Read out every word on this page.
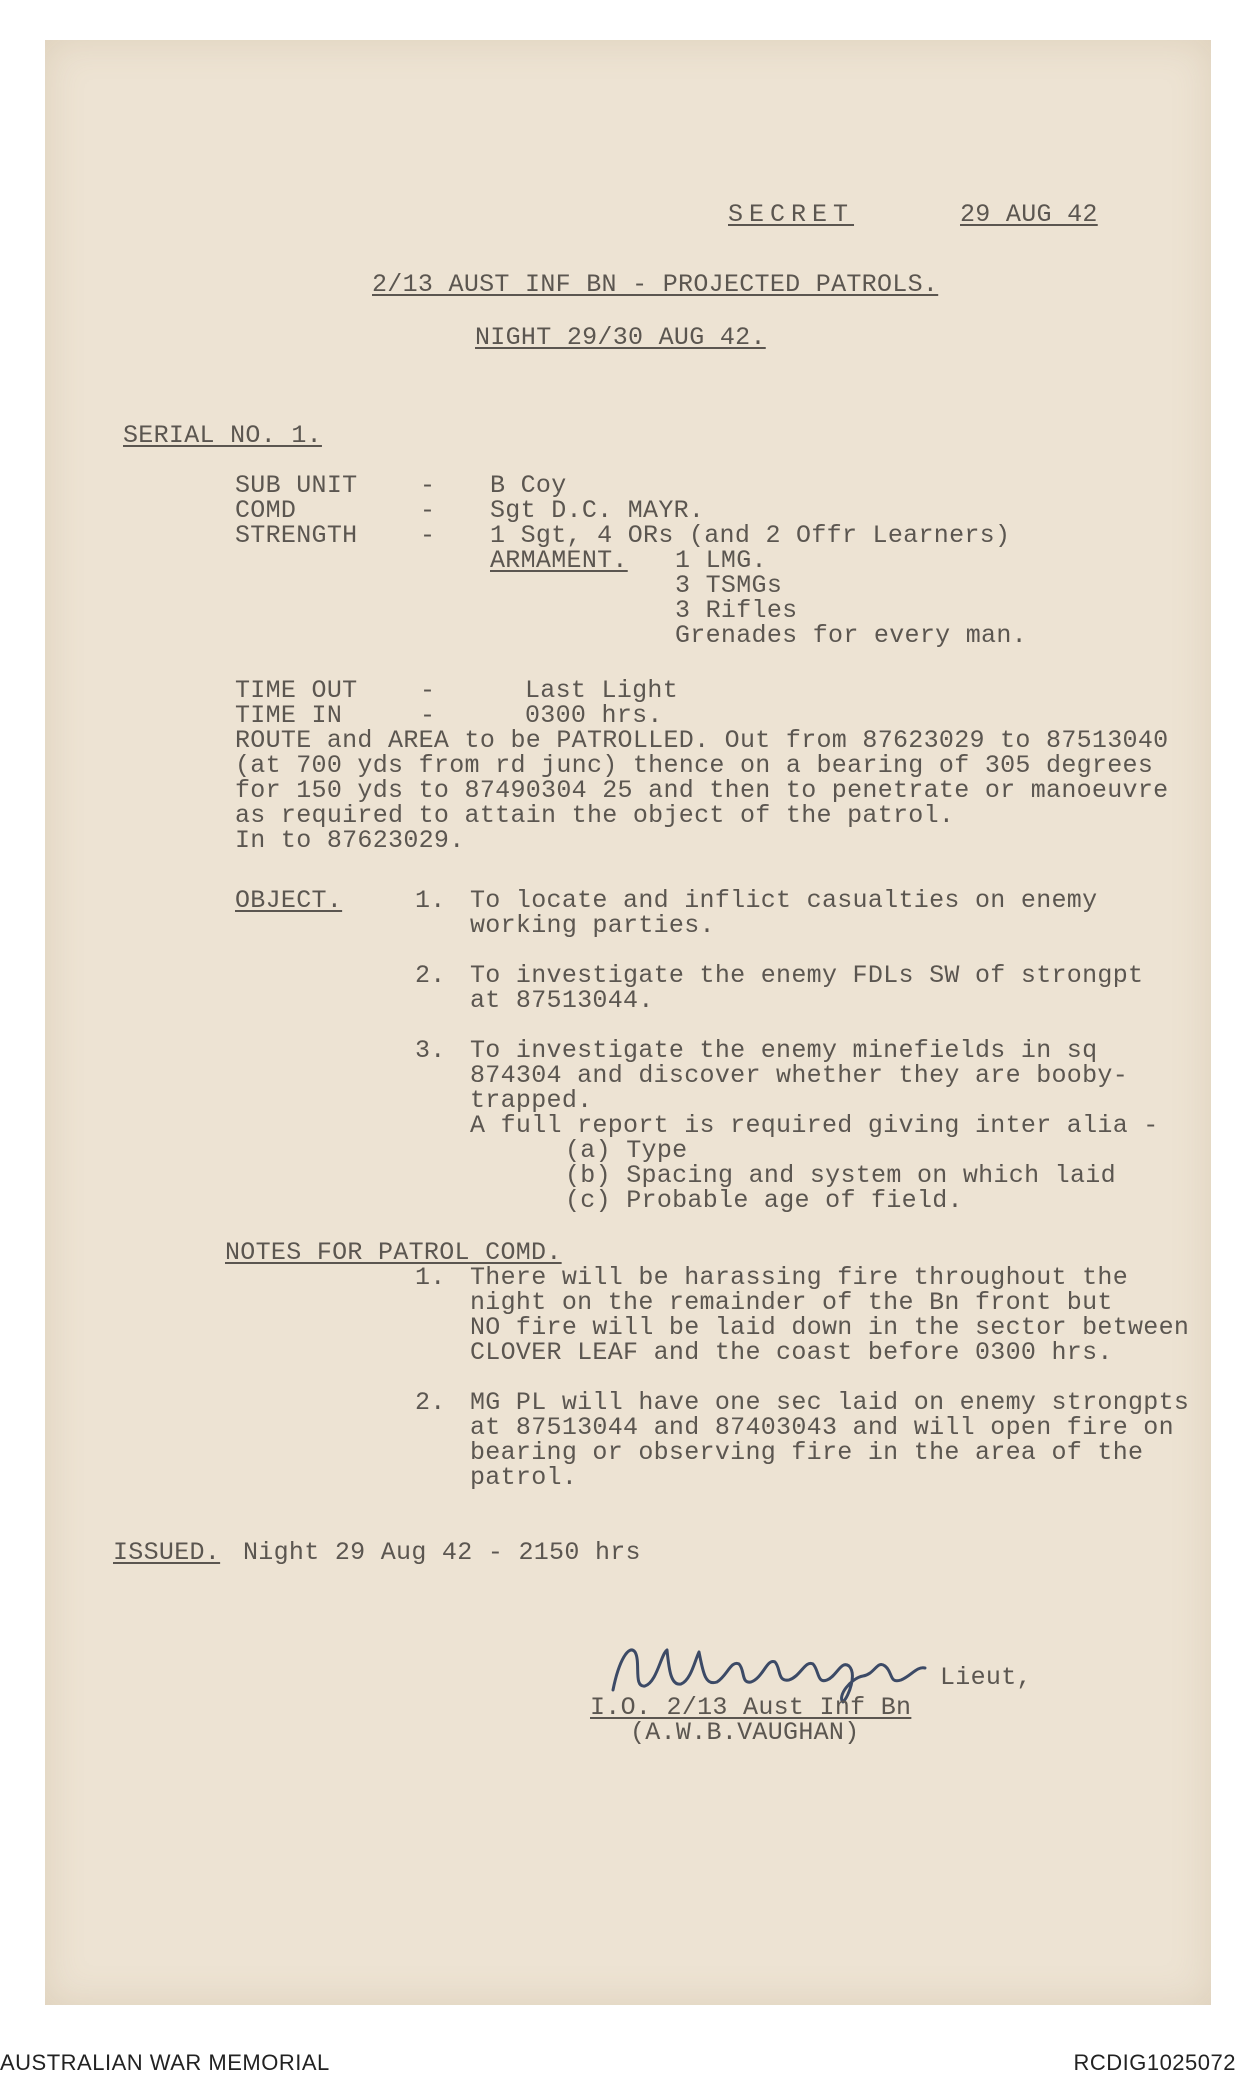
SECRET	29 AUG 42
2/13 AUST INF BN - PROJECTED PATROLS.
NIGHT 29/30 AUG 42.
SERIAL NO. 1.
SUB UNIT	- B Coy
COMD	- Sgt D.C. MAYR.
STRENGTH	- 1 Sgt, 4 ORs (and 2 Offr Learners)
ARMAMENT. 1 LMG.
3 TSMGs
3 Rifles
Grenades for every man.
TIME OUT	-	Last Light
TIME IN	-	0300 hrs.
ROUTE and AREA to be PATROLLED. Out from 87623029 to 87513040
(at 700 yds from rd junc) thence on a bearing of 305 degrees
for 150 yds to 87490304 25 and then to penetrate or manoeuvre
as required to attain the object of the patrol.
In to 87623029.
OBJECT.	1. To locate and inflict casualties on enemy
working parties.
2. To investigate the enemy FDLs SW of strongpt
at 87513044.
3. To investigate the enemy minefields in sq
874304 and discover whether they are booby-
trapped.
A full report is required giving inter alia -
(a) Type
(b) Spacing and system on which laid
(c) Probable age of field.
NOTES FOR PATROL COMD.
1. There will be harassing fire throughout the
night on the remainder of the Bn front but
NO fire will be laid down in the sector between
CLOVER LEAF and the coast before 0300 hrs.
2. MG PL will have one sec laid on enemy strongpts
at 87513044 and 87403043 and will open fire on
bearing or observing fire in the area of the
patrol.
ISSUED. Night 29 Aug 42 - 2150 hrs
Lieut,
I.O. 2/13 Aust Inf Bn
(A.W.B.VAUGHAN)
AUSTRALIAN WAR MEMORIAL	RCDIG1025072
